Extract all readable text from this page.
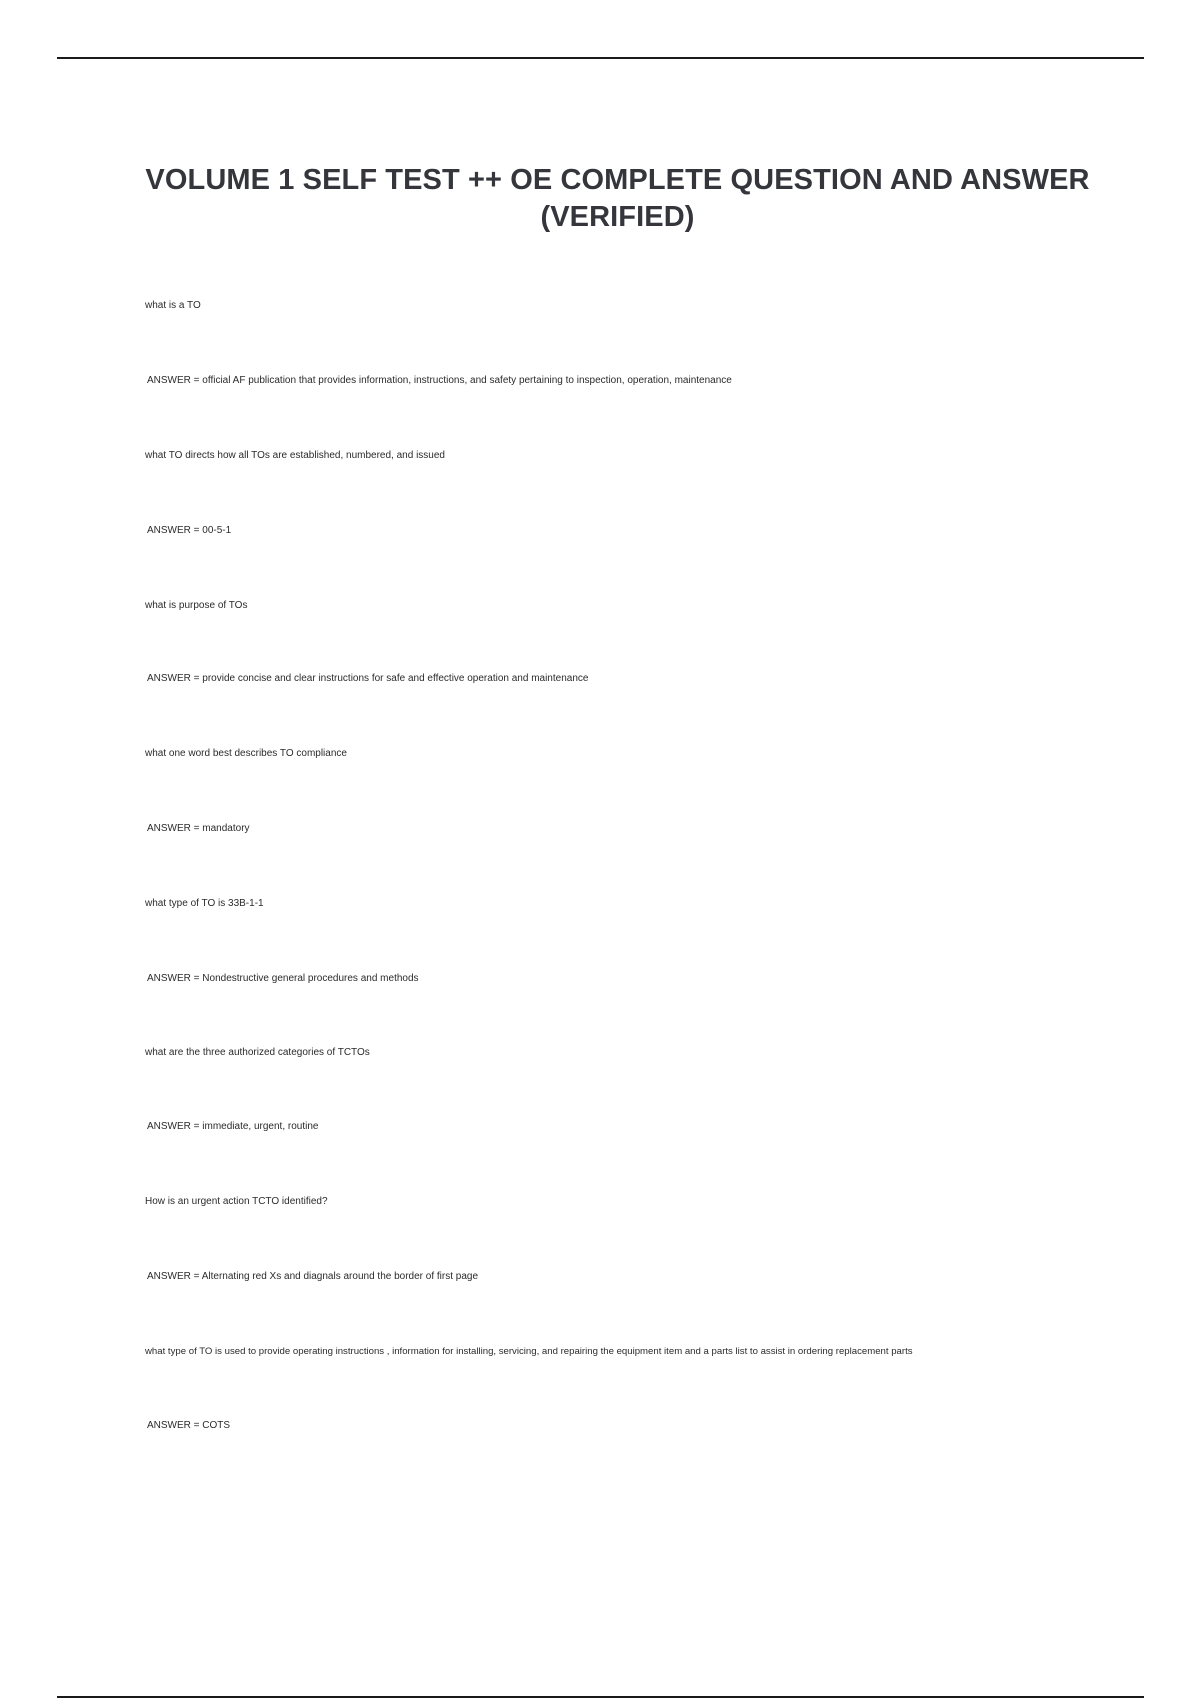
VOLUME 1 SELF TEST ++ OE COMPLETE QUESTION AND ANSWER (VERIFIED)

what is a TO

ANSWER = official AF publication that provides information, instructions, and safety pertaining to inspection, operation, maintenance

what TO directs how all TOs are established, numbered, and issued

ANSWER = 00-5-1

what is purpose of TOs

ANSWER = provide concise and clear instructions for safe and effective operation and maintenance

what one word best describes TO compliance

ANSWER = mandatory

what type of TO is 33B-1-1

ANSWER = Nondestructive general procedures and methods

what are the three authorized categories of TCTOs

ANSWER = immediate, urgent, routine

How is an urgent action TCTO identified?

ANSWER = Alternating red Xs and diagnals around the border of first page

what type of TO is used to provide operating instructions , information for installing, servicing, and repairing the equipment item and a parts list to assist in ordering replacement parts

ANSWER = COTS
